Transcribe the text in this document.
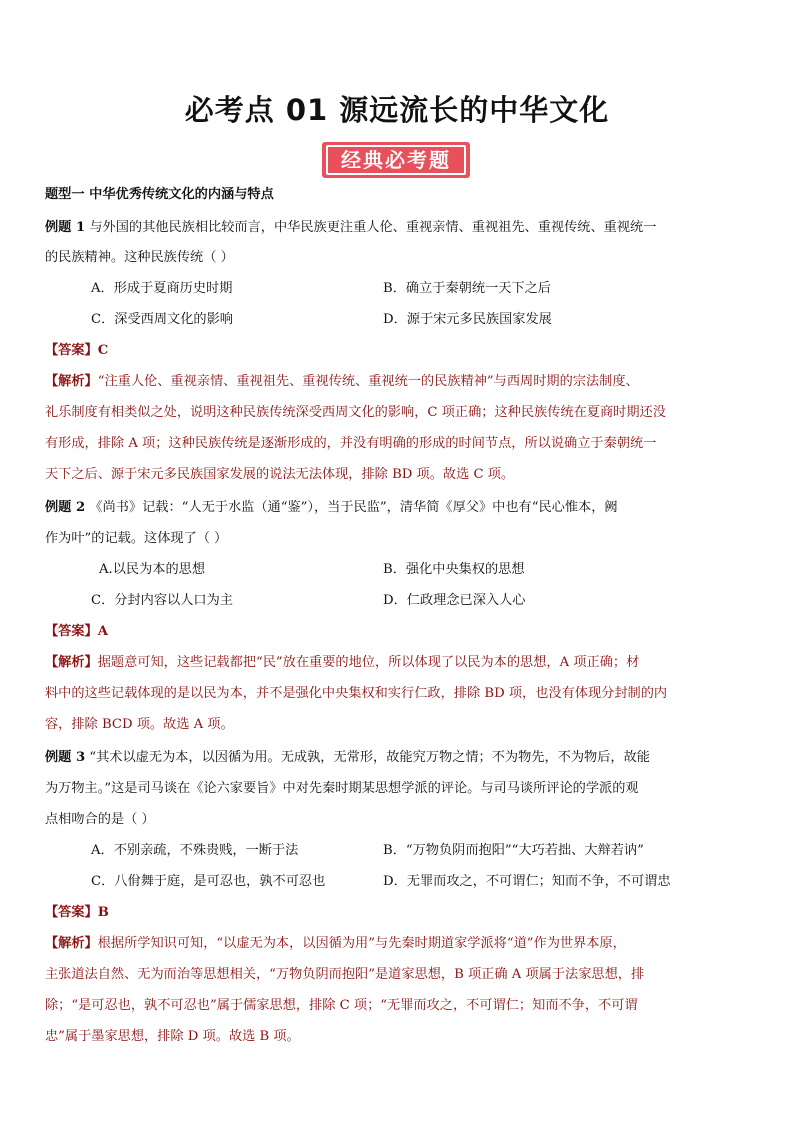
必考点 01 源远流长的中华文化
经典必考题
题型一 中华优秀传统文化的内涵与特点
例题 1 与外国的其他民族相比较而言，中华民族更注重人伦、重视亲情、重视祖先、重视传统、重视统一
的民族精神。这种民族传统（ ）
A．形成于夏商历史时期	B．确立于秦朝统一天下之后
C．深受西周文化的影响	D．源于宋元多民族国家发展
【答案】C
【解析】“注重人伦、重视亲情、重视祖先、重视传统、重视统一的民族精神”与西周时期的宗法制度、
礼乐制度有相类似之处，说明这种民族传统深受西周文化的影响，C 项正确；这种民族传统在夏商时期还没
有形成，排除 A 项；这种民族传统是逐渐形成的，并没有明确的形成的时间节点，所以说确立于秦朝统一
天下之后、源于宋元多民族国家发展的说法无法体现，排除 BD 项。故选 C 项。
例题 2 《尚书》记载：“人无于水监（通“鉴”），当于民监”，清华简《厚父》中也有“民心惟本，阙
作为叶”的记载。这体现了（ ）
A.以民为本的思想	B．强化中央集权的思想
C．分封内容以人口为主	D．仁政理念已深入人心
【答案】A
【解析】据题意可知，这些记载都把“民”放在重要的地位，所以体现了以民为本的思想，A 项正确；材
料中的这些记载体现的是以民为本，并不是强化中央集权和实行仁政，排除 BD 项，也没有体现分封制的内
容，排除 BCD 项。故选 A 项。
例题 3 “其术以虚无为本，以因循为用。无成孰，无常形，故能究万物之情；不为物先，不为物后，故能
为万物主。”这是司马谈在《论六家要旨》中对先秦时期某思想学派的评论。与司马谈所评论的学派的观
点相吻合的是（ ）
A．不别亲疏，不殊贵贱，一断于法	B．“万物负阴而抱阳”“大巧若拙、大辩若讷”
C．八佾舞于庭，是可忍也，孰不可忍也	D．无罪而攻之，不可谓仁；知而不争，不可谓忠
【答案】B
【解析】根据所学知识可知，“以虚无为本，以因循为用”与先秦时期道家学派将“道”作为世界本原，
主张道法自然、无为而治等思想相关，“万物负阴而抱阳”是道家思想，B 项正确 A 项属于法家思想，排
除；“是可忍也，孰不可忍也”属于儒家思想，排除 C 项；“无罪而攻之，不可谓仁；知而不争，不可谓
忠”属于墨家思想，排除 D 项。故选 B 项。
